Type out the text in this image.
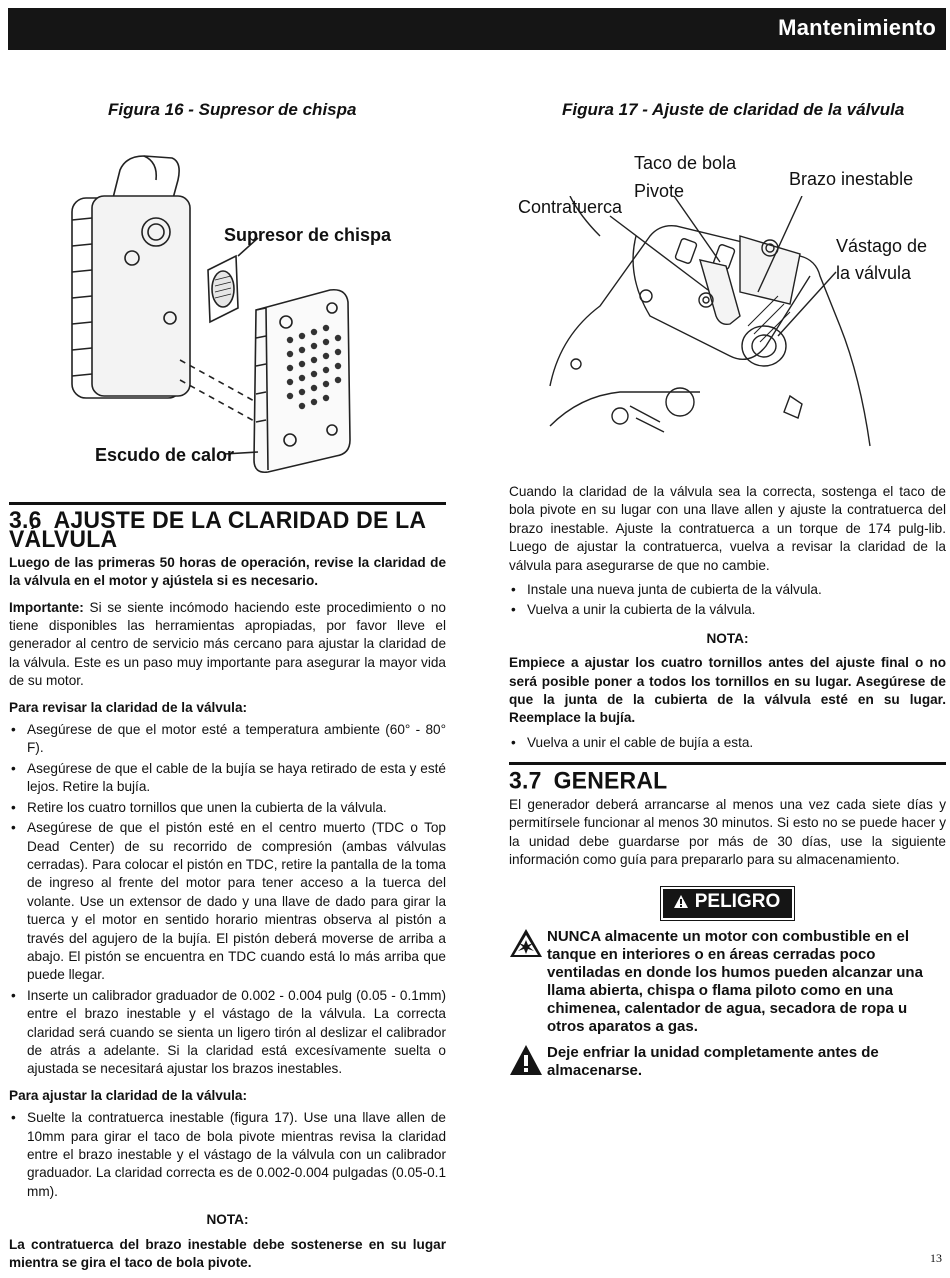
Mantenimiento
Figura 16 - Supresor de chispa	Figura 17 - Ajuste de claridad de la válvula
Supresor de chispa
Escudo de calor
Taco de bola
Pivote
Contratuerca
Brazo inestable
Vástago de
la válvula
3.6 AJUSTE DE LA CLARIDAD DE LA VÁLVULA

Luego de las primeras 50 horas de operación, revise la claridad de la válvula en el motor y ajústela si es necesario.

Importante: Si se siente incómodo haciendo este procedimiento o no tiene disponibles las herramientas apropiadas, por favor lleve el generador al centro de servicio más cercano para ajustar la claridad de la válvula. Este es un paso muy importante para asegurar la mayor vida de su motor.

Para revisar la claridad de la válvula:
• Asegúrese de que el motor esté a temperatura ambiente (60° - 80° F).
• Asegúrese de que el cable de la bujía se haya retirado de esta y esté lejos. Retire la bujía.
• Retire los cuatro tornillos que unen la cubierta de la válvula.
• Asegúrese de que el pistón esté en el centro muerto (TDC o Top Dead Center) de su recorrido de compresión (ambas válvulas cerradas). Para colocar el pistón en TDC, retire la pantalla de la toma de ingreso al frente del motor para tener acceso a la tuerca del volante. Use un extensor de dado y una llave de dado para girar la tuerca y el motor en sentido horario mientras observa al pistón a través del agujero de la bujía. El pistón deberá moverse de arriba a abajo. El pistón se encuentra en TDC cuando está lo más arriba que puede llegar.
• Inserte un calibrador graduador de 0.002 - 0.004 pulg (0.05 - 0.1mm) entre el brazo inestable y el vástago de la válvula. La correcta claridad será cuando se sienta un ligero tirón al deslizar el calibrador de atrás a adelante. Si la claridad está excesívamente suelta o ajustada se necesitará ajustar los brazos inestables.
Para ajustar la claridad de la válvula:
• Suelte la contratuerca inestable (figura 17). Use una llave allen de 10mm para girar el taco de bola pivote mientras revisa la claridad entre el brazo inestable y el vástago de la válvula con un calibrador graduador. La claridad correcta es de 0.002-0.004 pulgadas (0.05-0.1 mm).
NOTA:

La contratuerca del brazo inestable debe sostenerse en su lugar mientra se gira el taco de bola pivote.

Cuando la claridad de la válvula sea la correcta, sostenga el taco de bola pivote en su lugar con una llave allen y ajuste la contratuerca del brazo inestable. Ajuste la contratuerca a un torque de 174 pulg-lib. Luego de ajustar la contratuerca, vuelva a revisar la claridad de la válvula para asegurarse de que no cambie.

• Instale una nueva junta de cubierta de la válvula.
• Vuelva a unir la cubierta de la válvula.
NOTA:

Empiece a ajustar los cuatro tornillos antes del ajuste final o no será posible poner a todos los tornillos en su lugar. Asegúrese de que la junta de la cubierta de la válvula esté en su lugar. Reemplace la bujía.

• Vuelva a unir el cable de bujía a esta.
3.7 GENERAL

El generador deberá arrancarse al menos una vez cada siete días y permitírsele funcionar al menos 30 minutos. Si esto no se puede hacer y la unidad debe guardarse por más de 30 días, use la siguiente información como guía para prepararlo para su almacenamiento.

PELIGRO
NUNCA almacente un motor con combustible en el tanque en interiores o en áreas cerradas poco ventiladas en donde los humos pueden alcanzar una llama abierta, chispa o flama piloto como en una chimenea, calentador de agua, secadora de ropa u otros aparatos a gas.
Deje enfriar la unidad completamente antes de almacenarse.
13
